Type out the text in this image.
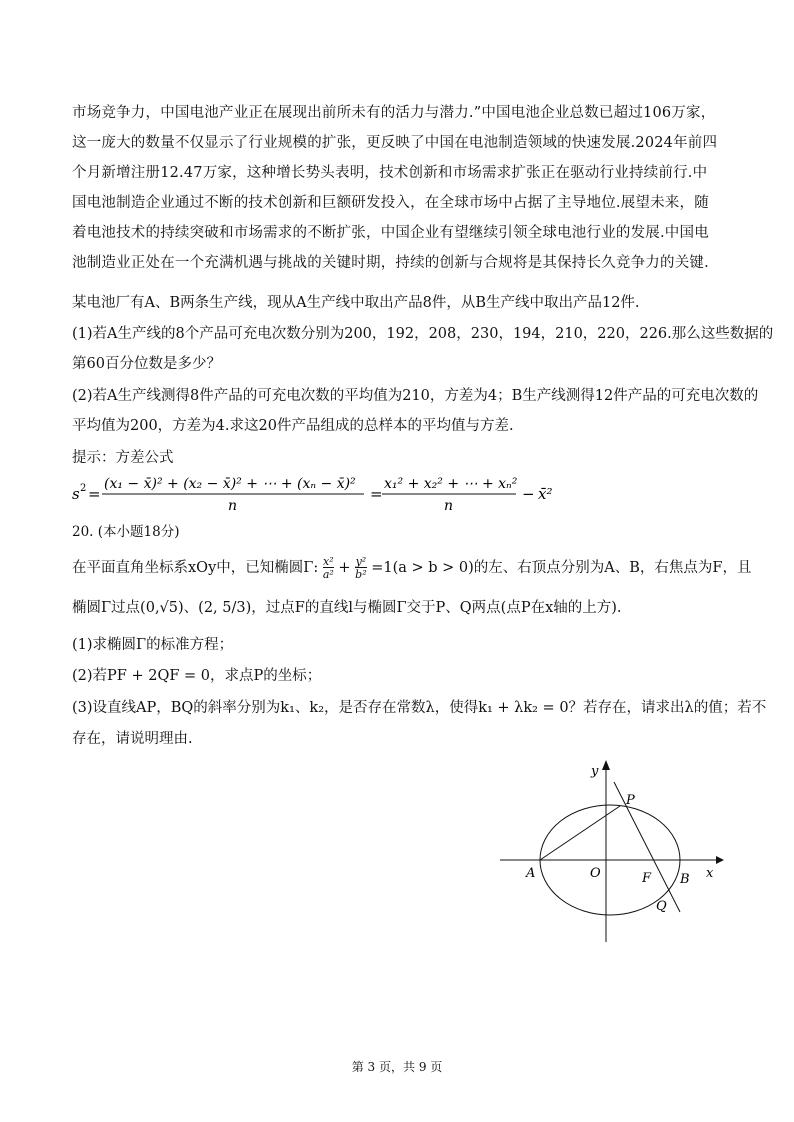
市场竞争力，中国电池产业正在展现出前所未有的活力与潜力.”中国电池企业总数已超过106万家，这一庞大的数量不仅显示了行业规模的扩张，更反映了中国在电池制造领域的快速发展.2024年前四个月新增注册12.47万家，这种增长势头表明，技术创新和市场需求扩张正在驱动行业持续前行.中国电池制造企业通过不断的技术创新和巨额研发投入，在全球市场中占据了主导地位.展望未来，随着电池技术的持续突破和市场需求的不断扩张，中国企业有望继续引领全球电池行业的发展.中国电池制造业正处在一个充满机遇与挑战的关键时期，持续的创新与合规将是其保持长久竞争力的关键.
某电池厂有A、B两条生产线，现从A生产线中取出产品8件，从B生产线中取出产品12件.
(1)若A生产线的8个产品可充电次数分别为200，192，208，230，194，210，220，226.那么这些数据的
第60百分位数是多少？
(2)若A生产线测得8件产品的可充电次数的平均值为210，方差为4；B生产线测得12件产品的可充电次数的
平均值为200，方差为4.求这20件产品组成的总样本的平均值与方差.
提示：方差公式
s 2 =
(x₁ − x̄)² + (x₂ − x̄)² + ⋯ + (xₙ − x̄)²
n
=
x₁² + x₂² + ⋯ + xₙ²
n
− x̄²
20. (本小题18分)
在平面直角坐标系xOy中，已知椭圆Γ: $\frac{\text{x²}}{\text{a²}} + \frac{\text{y²}}{\text{b²}} =1(a > b > 0)$的左、右顶点分别为A、B，右焦点为F，且
椭圆Γ过点(0,√5)、(2, 5/3)，过点F的直线l与椭圆Γ交于P、Q两点(点P在x轴的上方).
(1)求椭圆Γ的标准方程；
(2)若PF + 2QF = 0，求点P的坐标；
(3)设直线AP，BQ的斜率分别为k₁、k₂，是否存在常数λ，使得k₁ + λk₂ = 0？若存在，请求出λ的值；若不
存在，请说明理由.
y
x
P
A	O	F B
Q
第 3 页，共 9 页
